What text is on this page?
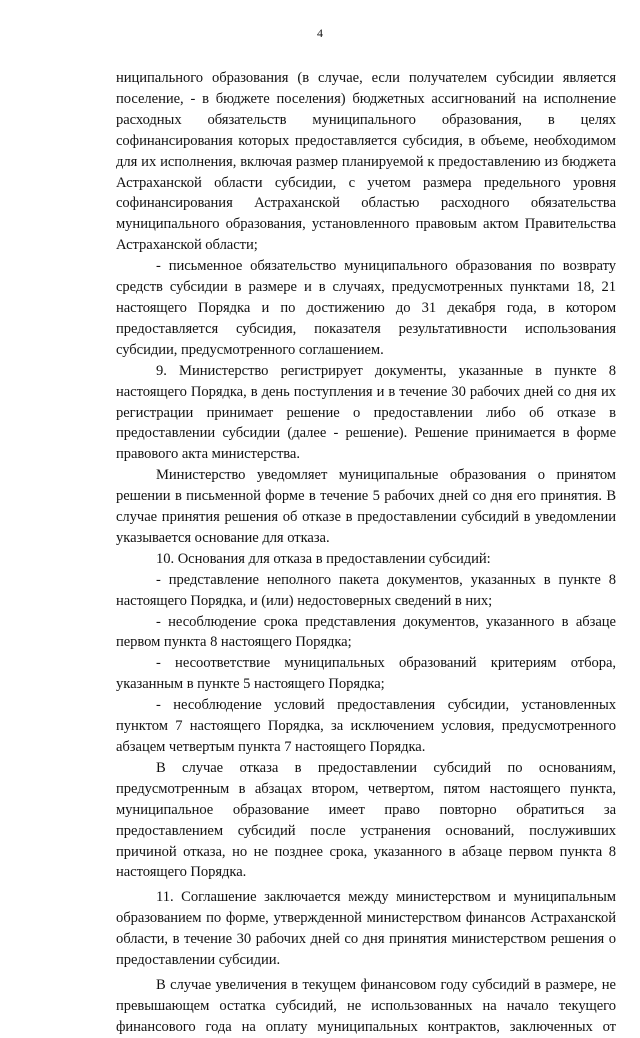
4

ниципального образования (в случае, если получателем субсидии является поселение, - в бюджете поселения) бюджетных ассигнований на исполнение расходных обязательств муниципального образования, в целях софинансирования которых предоставляется субсидия, в объеме, необходимом для их исполнения, включая размер планируемой к предоставлению из бюджета Астраханской области субсидии, с учетом размера предельного уровня софинансирования Астраханской областью расходного обязательства муниципального образования, установленного правовым актом Правительства Астраханской области;

- письменное обязательство муниципального образования по возврату средств субсидии в размере и в случаях, предусмотренных пунктами 18, 21 настоящего Порядка и по достижению до 31 декабря года, в котором предоставляется субсидия, показателя результативности использования субсидии, предусмотренного соглашением.

9. Министерство регистрирует документы, указанные в пункте 8 настоящего Порядка, в день поступления и в течение 30 рабочих дней со дня их регистрации принимает решение о предоставлении либо об отказе в предоставлении субсидии (далее - решение). Решение принимается в форме правового акта министерства.

Министерство уведомляет муниципальные образования о принятом решении в письменной форме в течение 5 рабочих дней со дня его принятия. В случае принятия решения об отказе в предоставлении субсидий в уведомлении указывается основание для отказа.

10. Основания для отказа в предоставлении субсидий:

- представление неполного пакета документов, указанных в пункте 8 настоящего Порядка, и (или) недостоверных сведений в них;

- несоблюдение срока представления документов, указанного в абзаце первом пункта 8 настоящего Порядка;

- несоответствие муниципальных образований критериям отбора, указанным в пункте 5 настоящего Порядка;

- несоблюдение условий предоставления субсидии, установленных пунктом 7 настоящего Порядка, за исключением условия, предусмотренного абзацем четвертым пункта 7 настоящего Порядка.

В случае отказа в предоставлении субсидий по основаниям, предусмотренным в абзацах втором, четвертом, пятом настоящего пункта, муниципальное образование имеет право повторно обратиться за предоставлением субсидий после устранения оснований, послуживших причиной отказа, но не позднее срока, указанного в абзаце первом пункта 8 настоящего Порядка.

11. Соглашение заключается между министерством и муниципальным образованием по форме, утвержденной министерством финансов Астраханской области, в течение 30 рабочих дней со дня принятия министерством решения о предоставлении субсидии.

В случае увеличения в текущем финансовом году субсидий в размере, не превышающем остатка субсидий, не использованных на начало текущего финансового года на оплату муниципальных контрактов, заключенных от
